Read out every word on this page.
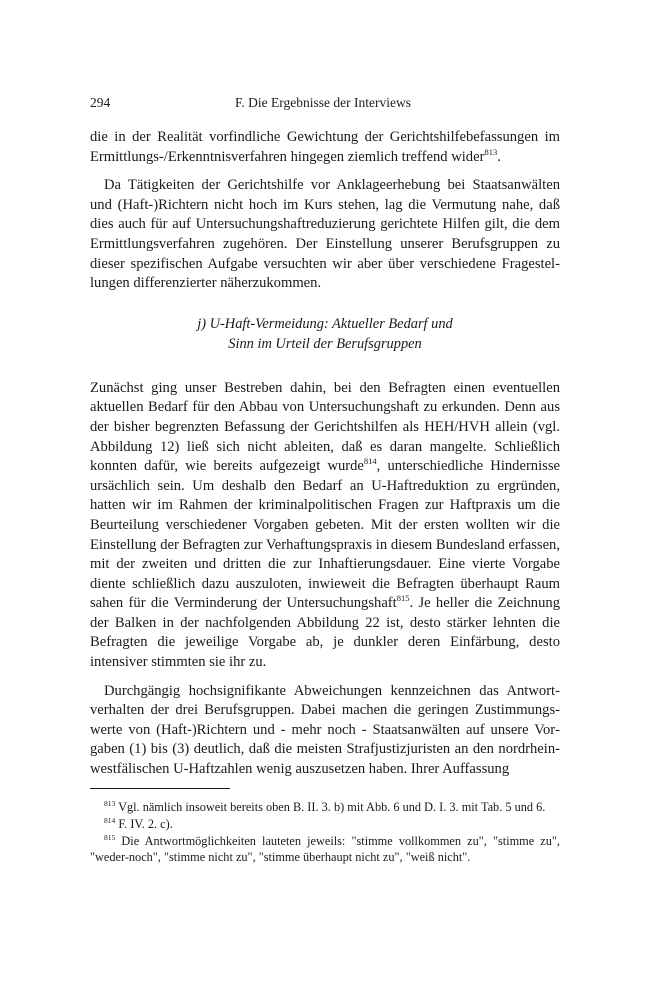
294	F. Die Ergebnisse der Interviews

die in der Realität vorfindliche Gewichtung der Gerichtshilfebefassungen im Ermittlungs-/Erkenntnisverfahren hingegen ziemlich treffend wider$^{813}$.

Da Tätigkeiten der Gerichtshilfe vor Anklageerhebung bei Staatsanwälten und (Haft-)Richtern nicht hoch im Kurs stehen, lag die Vermutung nahe, daß dies auch für auf Untersuchungshaftreduzierung gerichtete Hilfen gilt, die dem Ermittlungsverfahren zugehören. Der Einstellung unserer Berufsgruppen zu dieser spezifischen Aufgabe versuchten wir aber über verschiedene Fragestellungen differenzierter näherzukommen.

j) U-Haft-Vermeidung: Aktueller Bedarf und
Sinn im Urteil der Berufsgruppen

Zunächst ging unser Bestreben dahin, bei den Befragten einen eventuellen aktuellen Bedarf für den Abbau von Untersuchungshaft zu erkunden. Denn aus der bisher begrenzten Befassung der Gerichtshilfen als HEH/HVH allein (vgl. Abbildung 12) ließ sich nicht ableiten, daß es daran mangelte. Schließlich konnten dafür, wie bereits aufgezeigt wurde$^{814}$, unterschiedliche Hindernisse ursächlich sein. Um deshalb den Bedarf an U-Haftreduktion zu ergründen, hatten wir im Rahmen der kriminalpolitischen Fragen zur Haftpraxis um die Beurteilung verschiedener Vorgaben gebeten. Mit der ersten wollten wir die Einstellung der Befragten zur Verhaftungspraxis in diesem Bundesland erfassen, mit der zweiten und dritten die zur Inhaftierungsdauer. Eine vierte Vorgabe diente schließlich dazu auszuloten, inwieweit die Befragten überhaupt Raum sahen für die Verminderung der Untersuchungshaft$^{815}$. Je heller die Zeichnung der Balken in der nachfolgenden Abbildung 22 ist, desto stärker lehnten die Befragten die jeweilige Vorgabe ab, je dunkler deren Einfärbung, desto intensiver stimmten sie ihr zu.

Durchgängig hochsignifikante Abweichungen kennzeichnen das Antwortverhalten der drei Berufsgruppen. Dabei machen die geringen Zustimmungswerte von (Haft-)Richtern und - mehr noch - Staatsanwälten auf unsere Vorgaben (1) bis (3) deutlich, daß die meisten Strafjustizjuristen an den nordrhein-westfälischen U-Haftzahlen wenig auszusetzen haben. Ihrer Auffassung

$^{813}$ Vgl. nämlich insoweit bereits oben B. II. 3. b) mit Abb. 6 und D. I. 3. mit Tab. 5 und 6.

$^{814}$ F. IV. 2. c).

$^{815}$ Die Antwortmöglichkeiten lauteten jeweils: "stimme vollkommen zu", "stimme zu", "weder-noch", "stimme nicht zu", "stimme überhaupt nicht zu", "weiß nicht".
